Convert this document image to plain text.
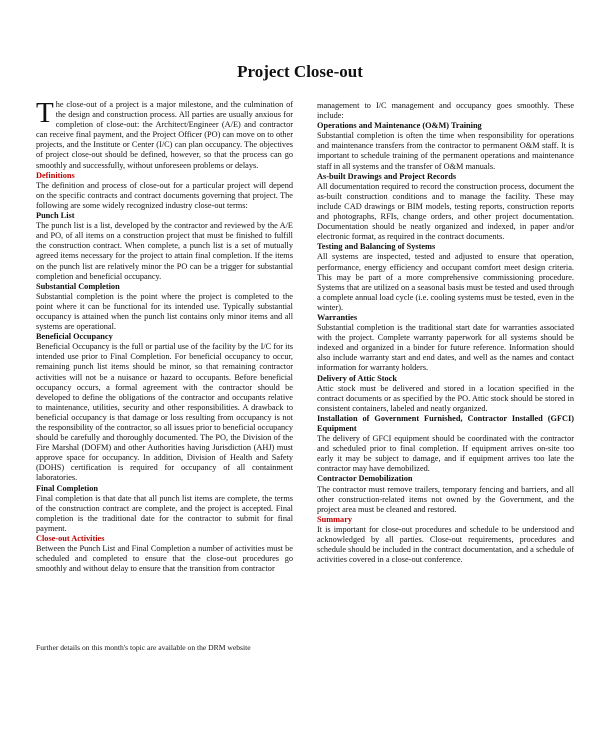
Project Close-out

The close-out of a project is a major milestone, and the culmination of the design and construction process. All parties are usually anxious for completion of close-out: the Architect/Engineer (A/E) and contractor can receive final payment, and the Project Officer (PO) can move on to other projects, and the Institute or Center (I/C) can plan occupancy. The objectives of project close-out should be defined, however, so that the process can go smoothly and successfully, without unforeseen problems or delays.

Definitions
The definition and process of close-out for a particular project will depend on the specific contracts and contract documents governing that project. The following are some widely recognized industry close-out terms:

Punch List
The punch list is a list, developed by the contractor and reviewed by the A/E and PO, of all items on a construction project that must be finished to fulfill the construction contract. When complete, a punch list is a set of mutually agreed items necessary for the project to attain final completion. If the items on the punch list are relatively minor the PO can be a trigger for substantial completion and beneficial occupancy.

Substantial Completion
Substantial completion is the point where the project is completed to the point where it can be functional for its intended use. Typically substantial occupancy is attained when the punch list contains only minor items and all systems are operational.

Beneficial Occupancy
Beneficial Occupancy is the full or partial use of the facility by the I/C for its intended use prior to Final Completion. For beneficial occupancy to occur, remaining punch list items should be minor, so that remaining contractor activities will not be a nuisance or hazard to occupants. Before beneficial occupancy occurs, a formal agreement with the contractor should be developed to define the obligations of the contractor and occupants relative to maintenance, utilities, security and other responsibilities. A drawback to beneficial occupancy is that damage or loss resulting from occupancy is not the responsibility of the contractor, so all issues prior to beneficial occupancy should be carefully and thoroughly documented. The PO, the Division of the Fire Marshal (DOFM) and other Authorities having Jurisdiction (AHJ) must approve space for occupancy. In addition, Division of Health and Safety (DOHS) certification is required for occupancy of all containment laboratories.

Final Completion
Final completion is that date that all punch list items are complete, the terms of the construction contract are complete, and the project is accepted. Final completion is the traditional date for the contractor to submit for final payment.

Close-out Activities
Between the Punch List and Final Completion a number of activities must be scheduled and completed to ensure that the close-out procedures go smoothly and without delay to ensure that the transition from contractor

management to I/C management and occupancy goes smoothly. These include:

Operations and Maintenance (O&M) Training
Substantial completion is often the time when responsibility for operations and maintenance transfers from the contractor to permanent O&M staff. It is important to schedule training of the permanent operations and maintenance staff in all systems and the transfer of O&M manuals.

As-built Drawings and Project Records
All documentation required to record the construction process, document the as-built construction conditions and to manage the facility. These may include CAD drawings or BIM models, testing reports, construction reports and photographs, RFIs, change orders, and other project documentation. Documentation should be neatly organized and indexed, in paper and/or electronic format, as required in the contract documents.

Testing and Balancing of Systems
All systems are inspected, tested and adjusted to ensure that operation, performance, energy efficiency and occupant comfort meet design criteria. This may be part of a more comprehensive commissioning procedure. Systems that are utilized on a seasonal basis must be tested and used through a complete annual load cycle (i.e. cooling systems must be tested, even in the winter).

Warranties
Substantial completion is the traditional start date for warranties associated with the project. Complete warranty paperwork for all systems should be indexed and organized in a binder for future reference. Information should also include warranty start and end dates, and well as the names and contact information for warranty holders.

Delivery of Attic Stock
Attic stock must be delivered and stored in a location specified in the contract documents or as specified by the PO. Attic stock should be stored in consistent containers, labeled and neatly organized.

Installation of Government Furnished, Contractor Installed (GFCI) Equipment
The delivery of GFCI equipment should be coordinated with the contractor and scheduled prior to final completion. If equipment arrives on-site too early it may be subject to damage, and if equipment arrives too late the contractor may have demobilized.

Contractor Demobilization
The contractor must remove trailers, temporary fencing and barriers, and all other construction-related items not owned by the Government, and the project area must be cleaned and restored.

Summary
It is important for close-out procedures and schedule to be understood and acknowledged by all parties. Close-out requirements, procedures and schedule should be included in the contract documentation, and a schedule of activities covered in a close-out conference.

Further details on this month's topic are available on the DRM website
